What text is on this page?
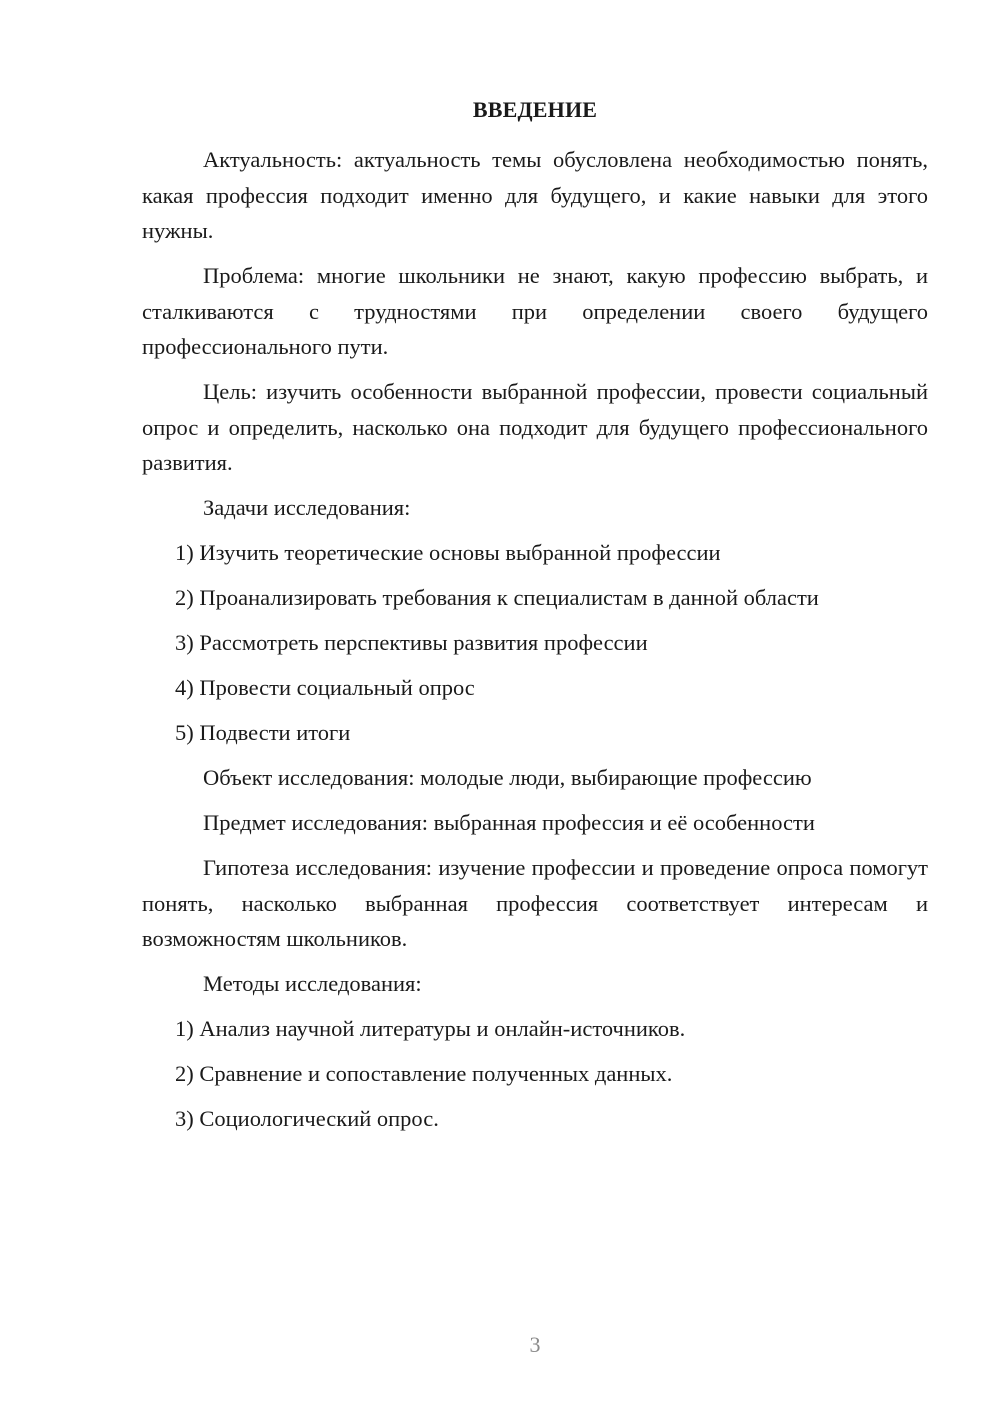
ВВЕДЕНИЕ

Актуальность: актуальность темы обусловлена необходимостью понять, какая профессия подходит именно для будущего, и какие навыки для этого нужны.

Проблема: многие школьники не знают, какую профессию выбрать, и сталкиваются с трудностями при определении своего будущего профессионального пути.

Цель: изучить особенности выбранной профессии, провести социальный опрос и определить, насколько она подходит для будущего профессионального развития.

Задачи исследования:

1) Изучить теоретические основы выбранной профессии

2) Проанализировать требования к специалистам в данной области

3) Рассмотреть перспективы развития профессии

4) Провести социальный опрос

5) Подвести итоги

Объект исследования: молодые люди, выбирающие профессию

Предмет исследования: выбранная профессия и её особенности

Гипотеза исследования: изучение профессии и проведение опроса помогут понять, насколько выбранная профессия соответствует интересам и возможностям школьников.

Методы исследования:

1) Анализ научной литературы и онлайн-источников.

2) Сравнение и сопоставление полученных данных.

3) Социологический опрос.

3
